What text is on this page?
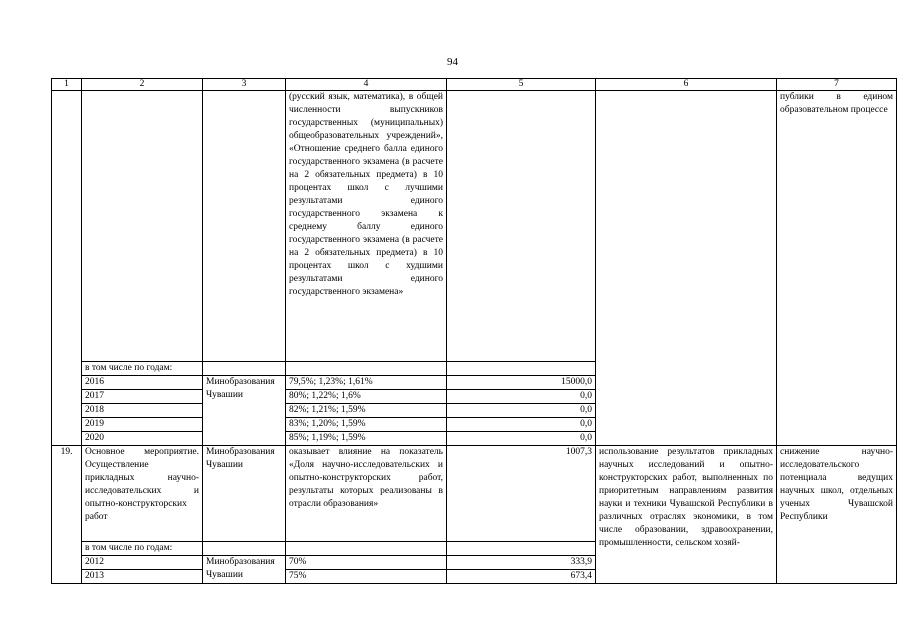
94
1	2	3	4	5	6	7
			(русский язык, математика), в общей численности выпускников государственных (муниципальных) общеобразовательных учреждений», «Отношение среднего балла единого государственного экзамена (в расчете на 2 обязательных предмета) в 10 процентах школ с лучшими результатами единого государственного экзамена к среднему баллу единого государственного экзамена (в расчете на 2 обязательных предмета) в 10 процентах школ с худшими результатами единого государственного экзамена»			публики в едином образовательном процессе
	в том числе по годам:					
	2016	Минобразования Чувашии	79,5%; 1,23%; 1,61%	15000,0		
	2017		80%; 1,22%; 1,6%	0,0		
	2018		82%; 1,21%; 1,59%	0,0		
	2019		83%; 1,20%; 1,59%	0,0		
	2020		85%; 1,19%; 1,59%	0,0		
19.	Основное мероприятие. Осуществление прикладных научно-исследовательских и опытно-конструкторских работ	Минобразования Чувашии	оказывает влияние на показатель «Доля научно-исследовательских и опытно-конструкторских работ, результаты которых реализованы в отрасли образования»	1007,3	использование результатов прикладных научных исследований и опытно-конструкторских работ, выполненных по приоритетным направлениям развития науки и техники Чувашской Республики в различных отраслях экономики, в том числе образовании, здравоохранении, промышленности, сельском хозяй-	снижение научно-исследовательского потенциала ведущих научных школ, отдельных ученых Чувашской Республики
	в том числе по годам:					
	2012	Минобразования Чувашии	70%	333,9		
	2013		75%	673,4		
